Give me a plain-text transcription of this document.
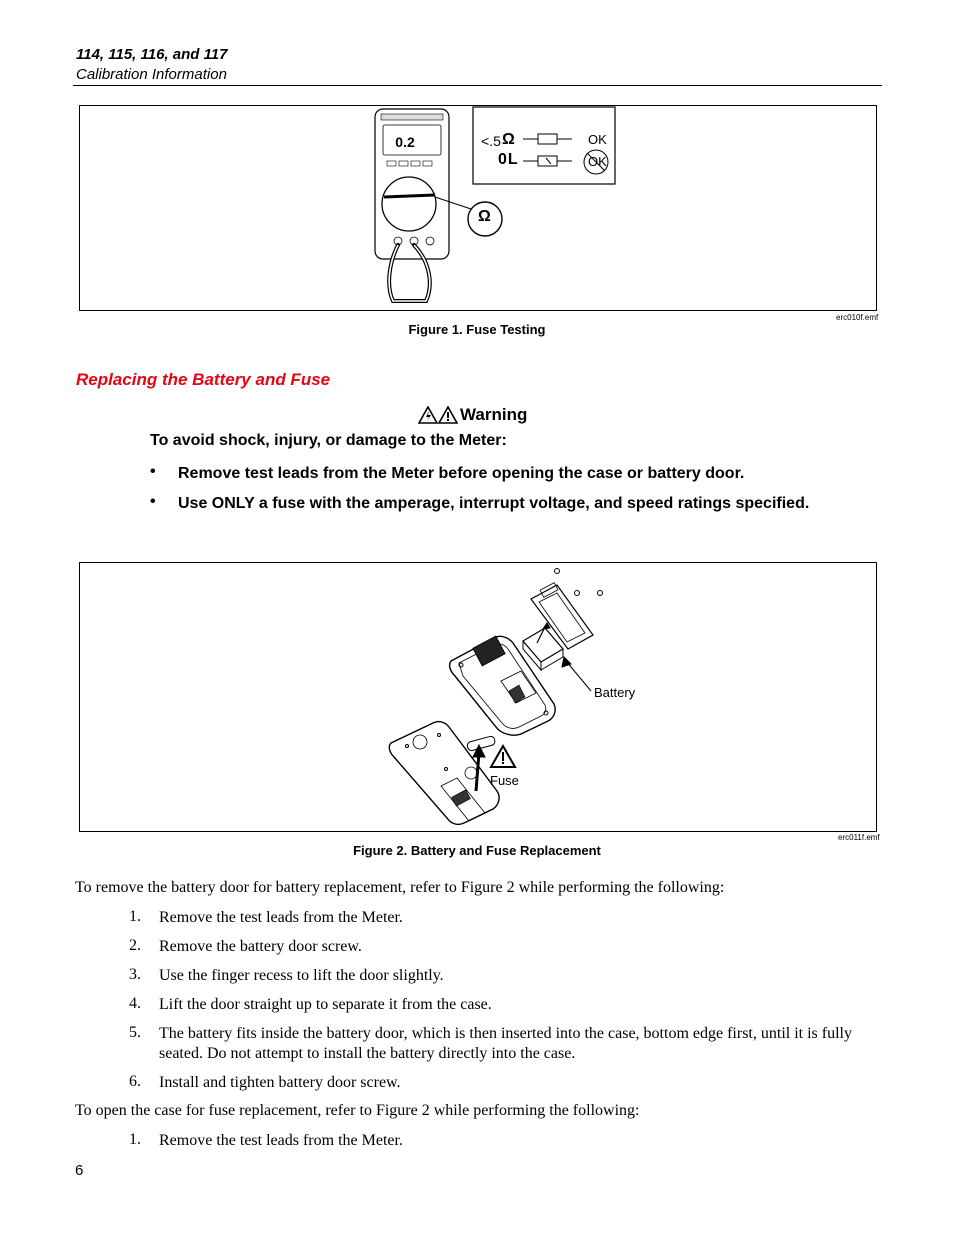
114, 115, 116, and 117
Calibration Information
0.2	<.5 Ω
0L
OK
OK
Ω
erc010f.emf
Figure 1. Fuse Testing
Replacing the Battery and Fuse
Warning
To avoid shock, injury, or damage to the Meter:
•	Remove test leads from the Meter before opening the case or battery door.
•	Use ONLY a fuse with the amperage, interrupt voltage, and speed ratings specified.
Battery
Fuse
erc011f.emf
Figure 2. Battery and Fuse Replacement
To remove the battery door for battery replacement, refer to Figure 2 while performing the following:
1.	Remove the test leads from the Meter.
2.	Remove the battery door screw.
3.	Use the finger recess to lift the door slightly.
4.	Lift the door straight up to separate it from the case.
5.	The battery fits inside the battery door, which is then inserted into the case, bottom edge first, until it is fully seated. Do not attempt to install the battery directly into the case.
6.	Install and tighten battery door screw.
To open the case for fuse replacement, refer to Figure 2 while performing the following:
1.	Remove the test leads from the Meter.
6
